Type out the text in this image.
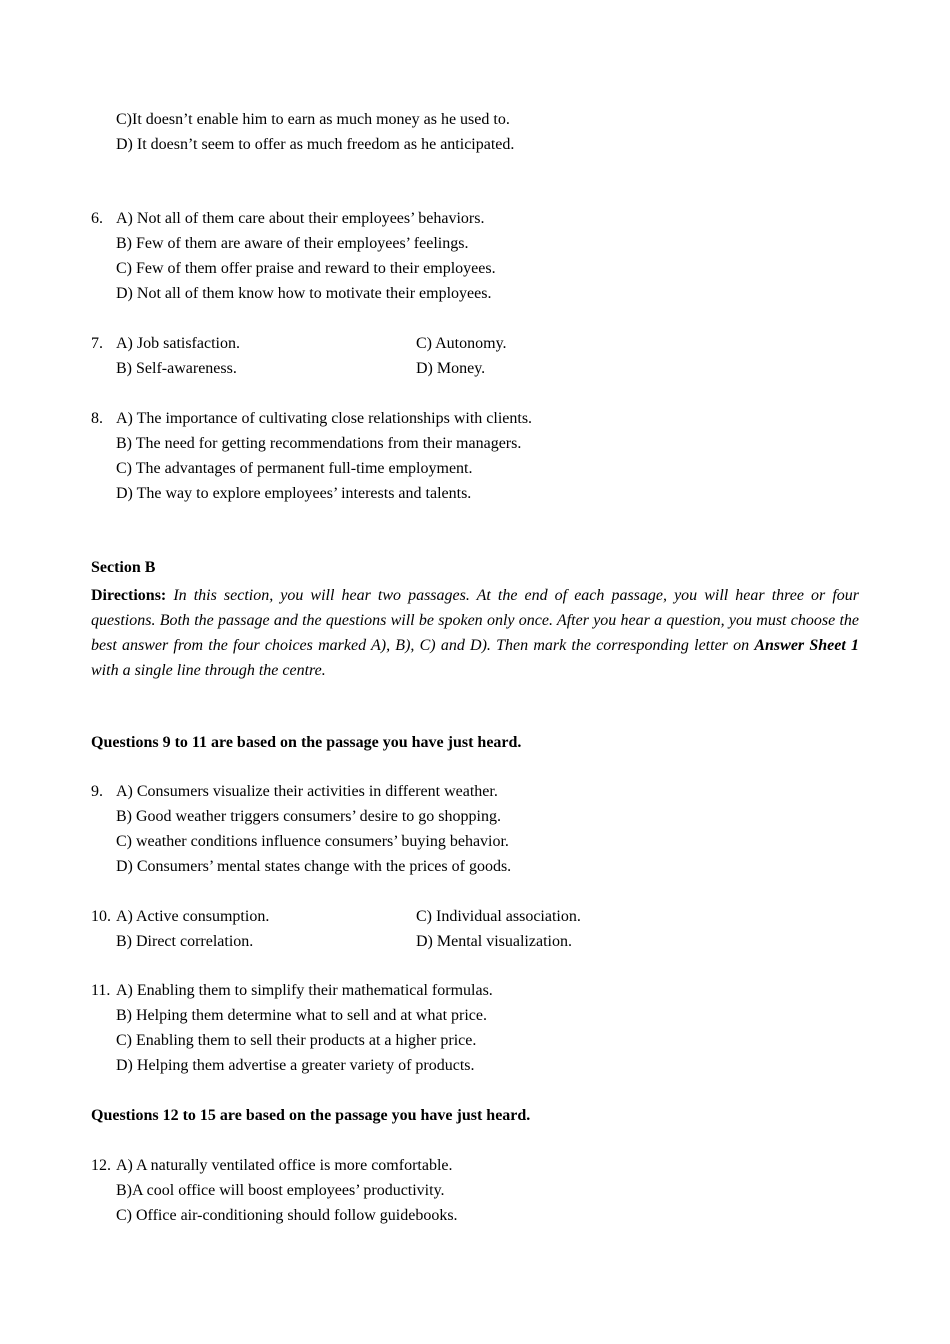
C)It doesn’t enable him to earn as much money as he used to.
D) It doesn’t seem to offer as much freedom as he anticipated.
6. A) Not all of them care about their employees’ behaviors.
B) Few of them are aware of their employees’ feelings.
C) Few of them offer praise and reward to their employees.
D) Not all of them know how to motivate their employees.
7. A) Job satisfaction.	C) Autonomy.
B) Self-awareness.	D) Money.
8. A) The importance of cultivating close relationships with clients.
B) The need for getting recommendations from their managers.
C) The advantages of permanent full-time employment.
D) The way to explore employees’ interests and talents.
Section B
Directions: In this section, you will hear two passages. At the end of each passage, you will hear three or four questions. Both the passage and the questions will be spoken only once. After you hear a question, you must choose the best answer from the four choices marked A), B), C) and D). Then mark the corresponding letter on Answer Sheet 1 with a single line through the centre.
Questions 9 to 11 are based on the passage you have just heard.
9. A) Consumers visualize their activities in different weather.
B) Good weather triggers consumers’ desire to go shopping.
C) weather conditions influence consumers’ buying behavior.
D) Consumers’ mental states change with the prices of goods.
10. A) Active consumption.	C) Individual association.
B) Direct correlation.	D) Mental visualization.
11. A) Enabling them to simplify their mathematical formulas.
B) Helping them determine what to sell and at what price.
C) Enabling them to sell their products at a higher price.
D) Helping them advertise a greater variety of products.
Questions 12 to 15 are based on the passage you have just heard.
12. A) A naturally ventilated office is more comfortable.
B)A cool office will boost employees’ productivity.
C) Office air-conditioning should follow guidebooks.
